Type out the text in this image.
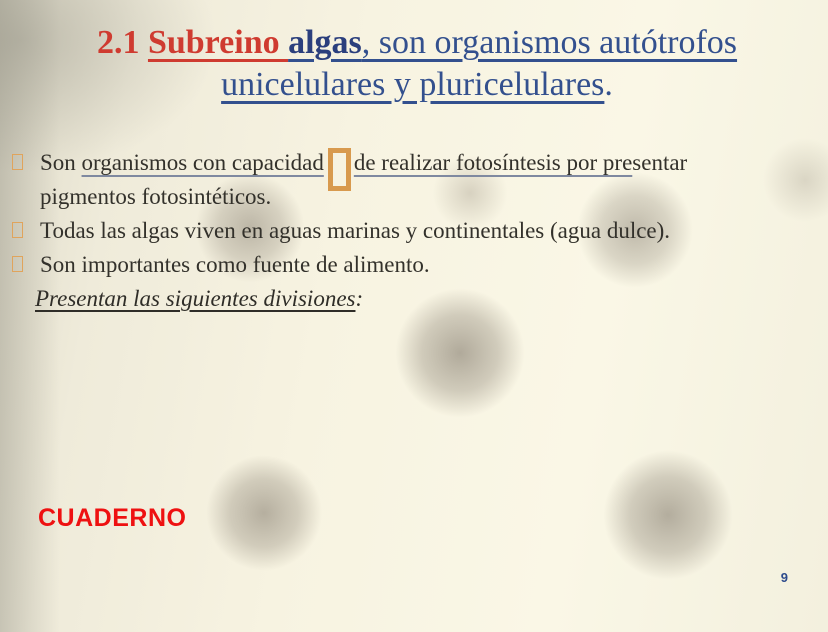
2.1 Subreino algas, son organismos autótrofos
unicelulares y pluricelulares.
Son organismos con capacidad de realizar fotosíntesis por presentar
pigmentos fotosintéticos.
Todas las algas viven en aguas marinas y continentales (agua dulce).
Son importantes como fuente de alimento.
Presentan las siguientes divisiones:
CUADERNO
9
